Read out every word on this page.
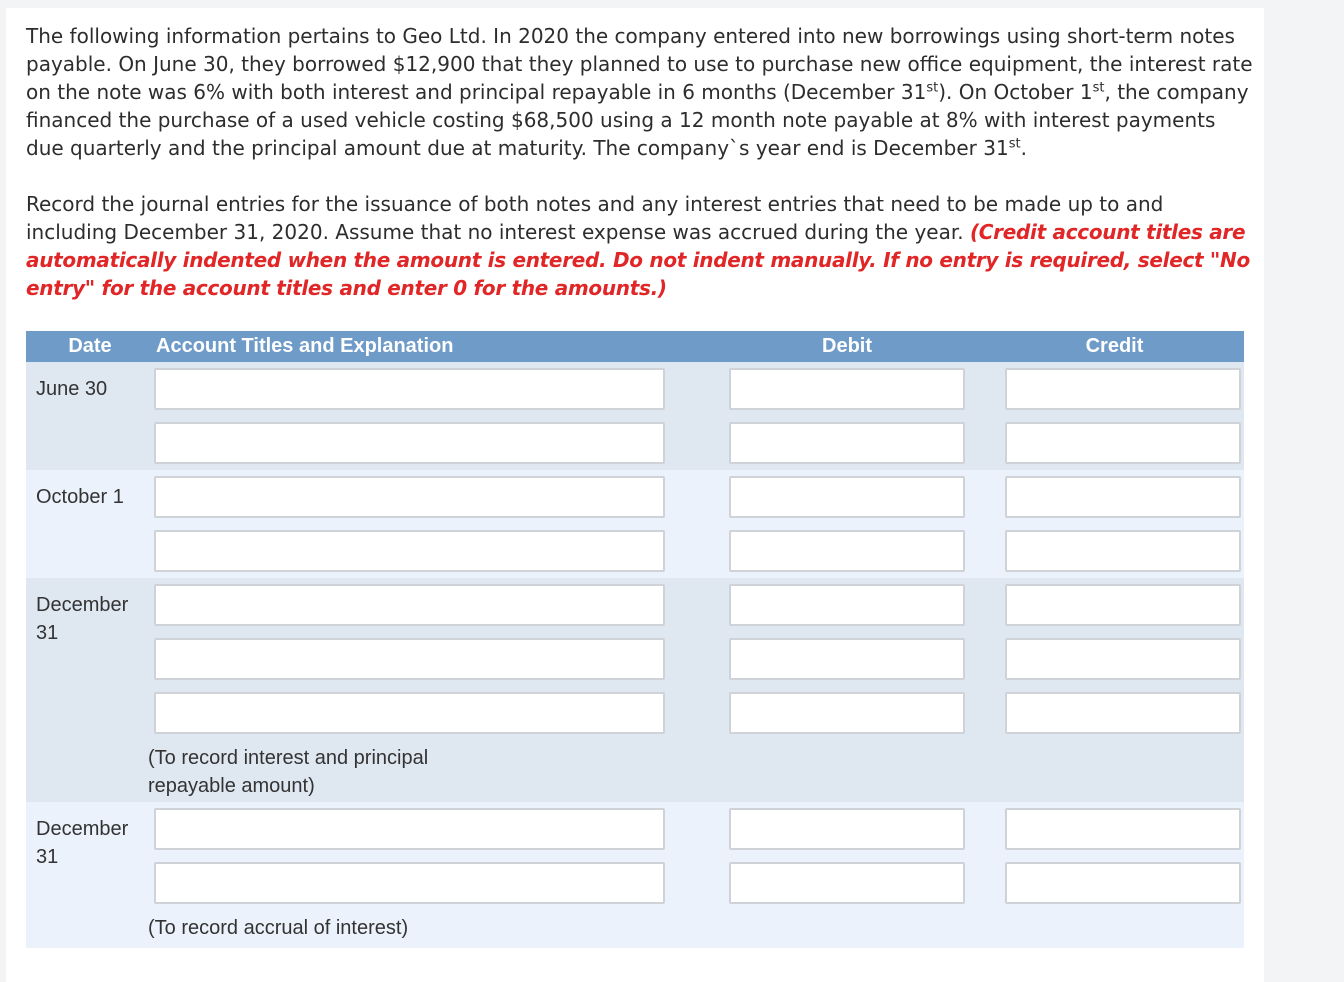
The following information pertains to Geo Ltd. In 2020 the company entered into new borrowings using short-term notes payable. On June 30, they borrowed $12,900 that they planned to use to purchase new office equipment, the interest rate on the note was 6% with both interest and principal repayable in 6 months (December 31st). On October 1st, the company financed the purchase of a used vehicle costing $68,500 using a 12 month note payable at 8% with interest payments due quarterly and the principal amount due at maturity. The company`s year end is December 31st.

Record the journal entries for the issuance of both notes and any interest entries that need to be made up to and including December 31, 2020. Assume that no interest expense was accrued during the year. (Credit account titles are automatically indented when the amount is entered. Do not indent manually. If no entry is required, select "No entry" for the account titles and enter 0 for the amounts.)

Date	Account Titles and Explanation	Debit	Credit
June 30	

October 1	

December 31	

	(To record interest and principal repayable amount)		

December 31	

	(To record accrual of interest)		
